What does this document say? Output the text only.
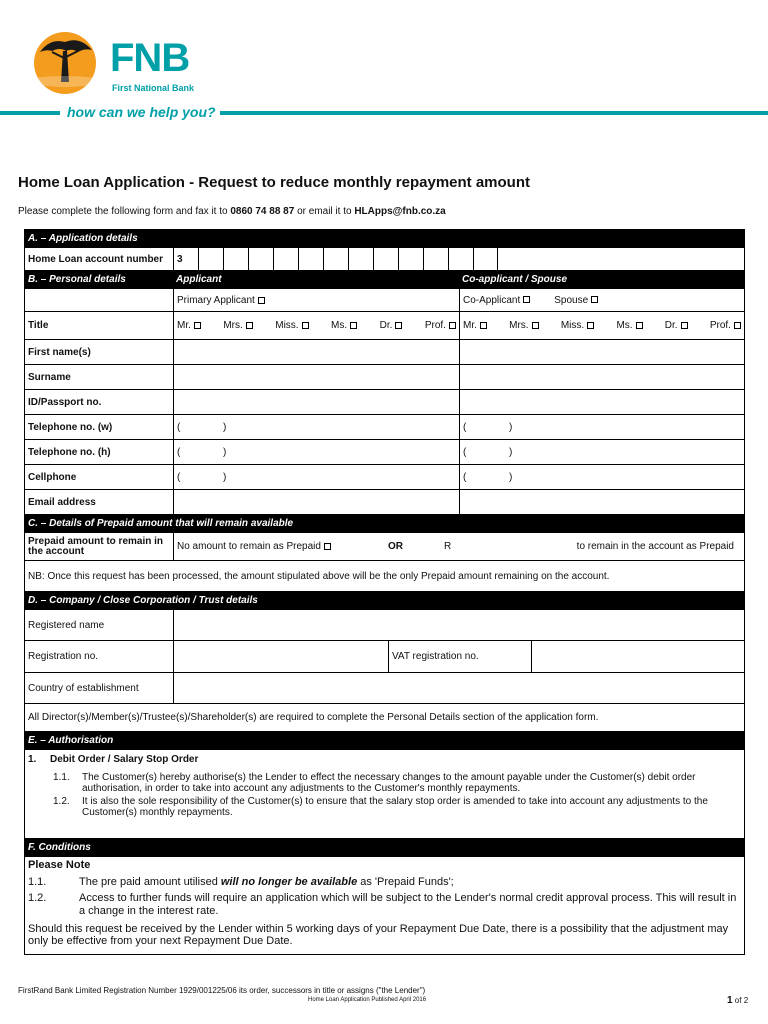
FNB
First National Bank
how can we help you?
Home Loan Application - Request to reduce monthly repayment amount
Please complete the following form and fax it to 0860 74 88 87 or email it to HLApps@fnb.co.za
A. – Application details
Home Loan account number	3
B. – Personal details	Applicant	Co-applicant / Spouse
Primary Applicant	Co-Applicant	Spouse
Title	Mr.	Mrs.	Miss.	Ms.	Dr.	Prof.	Mr.	Mrs.	Miss.	Ms.	Dr.	Prof.
First name(s)
Surname
ID/Passport no.
Telephone no. (w)	(	)	(	)
Telephone no. (h)	(	)	(	)
Cellphone	(	)	(	)
Email address
C. – Details of Prepaid amount that will remain available
Prepaid amount to remain in the account	No amount to remain as Prepaid	OR	R	to remain in the account as Prepaid
NB: Once this request has been processed, the amount stipulated above will be the only Prepaid amount remaining on the account.
D. – Company / Close Corporation / Trust details
Registered name
Registration no.	VAT registration no.
Country of establishment
All Director(s)/Member(s)/Trustee(s)/Shareholder(s) are required to complete the Personal Details section of the application form.
E. – Authorisation
1. Debit Order / Salary Stop Order
1.1.	The Customer(s) hereby authorise(s) the Lender to effect the necessary changes to the amount payable under the Customer(s) debit order authorisation, in order to take into account any adjustments to the Customer's monthly repayments.
1.2.	It is also the sole responsibility of the Customer(s) to ensure that the salary stop order is amended to take into account any adjustments to the Customer(s) monthly repayments.
F. Conditions
Please Note
1.1.	The pre paid amount utilised will no longer be available as 'Prepaid Funds';
1.2.	Access to further funds will require an application which will be subject to the Lender's normal credit approval process. This will result in a change in the interest rate.
Should this request be received by the Lender within 5 working days of your Repayment Due Date, there is a possibility that the adjustment may only be effective from your next Repayment Due Date.
FirstRand Bank Limited Registration Number 1929/001225/06 its order, successors in title or assigns ("the Lender")
Home Loan Application Published April 2016	1 of 2
